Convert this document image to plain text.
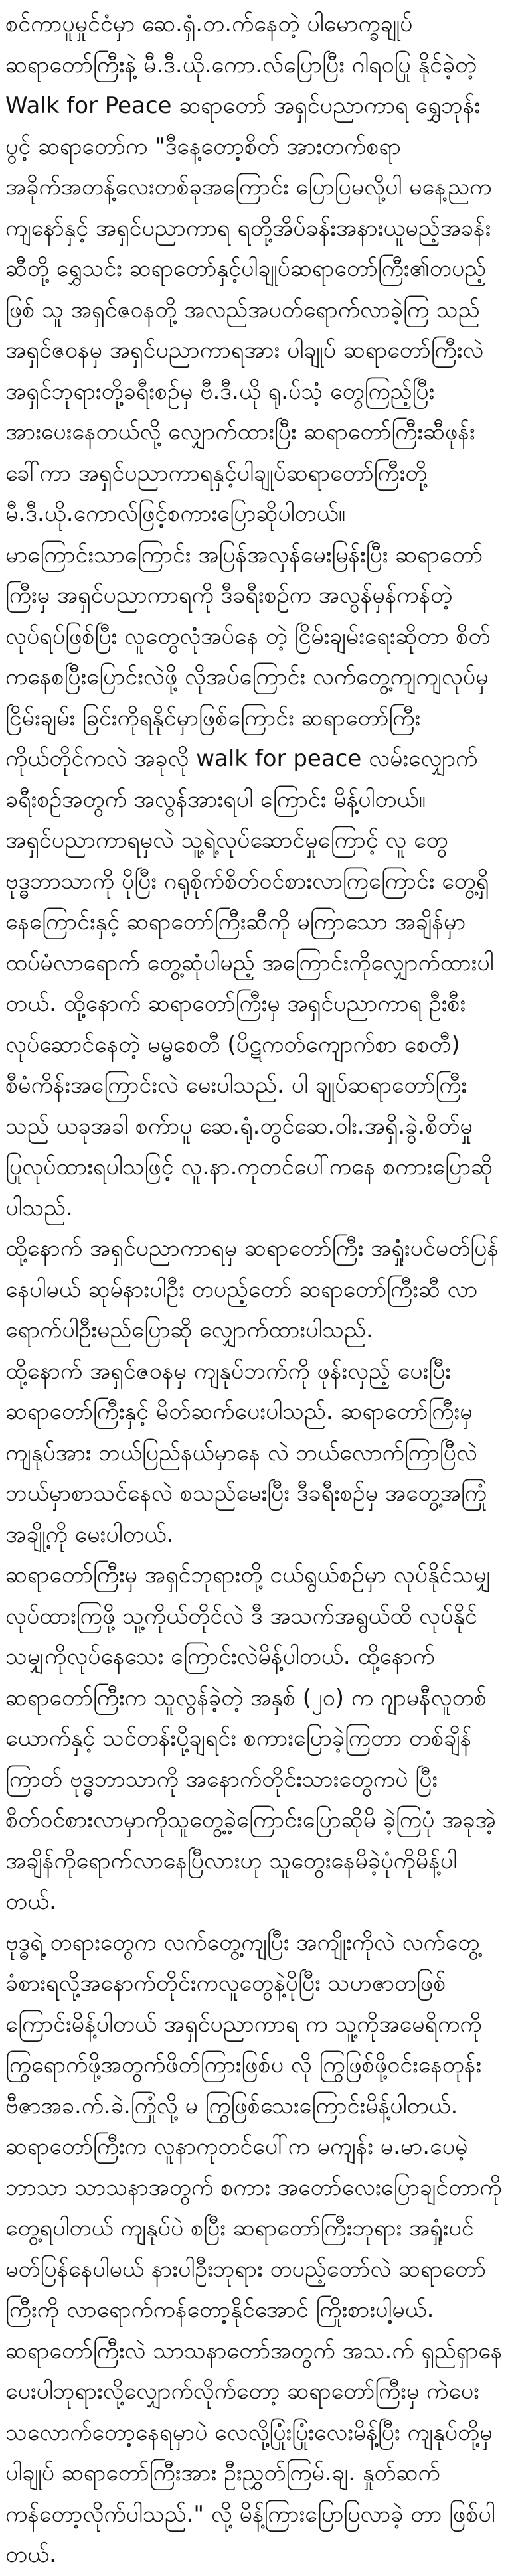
စင်ကာပူမှုင်ငံမှာ ဆေ.ရှံ.တ.က်နေတဲ့ ပါမောက္ခချုပ် ဆရာတော်ကြီးနဲ့ မီ.ဒီ.ယို.ကော.လ်ပြောပြီး ဂါရဝပြု နိုင်ခဲ့တဲ့ Walk for Peace ဆရာတော် အရှင်ပညာကာရ ရွှေဘုန်းပွင့် ဆရာတော်က "ဒီနေ့တော့စိတ် အားတက်စရာအခိုက်အတန့်လေးတစ်ခုအကြောင်း ပြောပြမလို့ပါ မနေ့ညက ကျနော်နှင့် အရှင်ပညာကာရ ရတို့အိပ်ခန်းအနားယူမည့်အခန်းဆီတို့ ရွှေသင်း ဆရာတော်နှင့်ပါချုပ်ဆရာတော်ကြီး၏တပည့်ဖြစ် သူ အရှင်ဇဝနတို့ အလည်အပတ်ရောက်လာခဲ့ကြ သည် အရှင်ဇဝနမှ အရှင်ပညာကာရအား ပါချုပ် ဆရာတော်ကြီးလဲ အရှင်ဘုရားတို့ခရီးစဉ်မှ ဗီ.ဒီ.ယို ရု.ပ်သံ့ တွေကြည့်ပြီး အားပေးနေတယ်လို့ လျှောက်ထားပြီး ဆရာတော်ကြီးဆီဖုန်းခေါ်ကာ အရှင်ပညာကာရနှင့်ပါချုပ်ဆရာတော်ကြီးတို့ မီ.ဒီ.ယို.ကောလ်ဖြင့်စကားပြောဆိုပါတယ်။

မာကြောင်းသာကြောင်း အပြန်အလှန်မေးမြန်းပြီး ဆရာတော်ကြီးမှ အရှင်ပညာကာရကို ဒီခရီးစဉ်က အလွန်မှန်ကန်တဲ့လုပ်ရပ်ဖြစ်ပြီး လူတွေလုံအပ်နေ တဲ့ ငြိမ်းချမ်းရေးဆိုတာ စိတ်ကနေစပြီးပြောင်းလဲဖို့ လိုအပ်ကြောင်း လက်တွေ့ကျကျလုပ်မှ ငြိမ်းချမ်း ခြင်းကိုရနိုင်မှာဖြစ်ကြောင်း ဆရာတော်ကြီး ကိုယ်တိုင်ကလဲ အခုလို walk for peace လမ်းလျှောက်ခရီးစဉ်အတွက် အလွန်အားရပါ ကြောင်း မိန့်ပါတယ်။

အရှင်ပညာကာရမှလဲ သူ့ရဲ့လုပ်ဆောင်မှုကြောင့် လူ တွေ ဗုဒ္ဓဘာသာကို ပိုပြီး ဂရုစိုက်စိတ်ဝင်စားလာကြကြောင်း တွေ့ရှိနေကြောင်းနှင့် ဆရာတော်ကြီးဆီကို မကြာသော အချိန်မှာ ထပ်မံလာရောက် တွေ့ဆုံပါမည့် အကြောင်းကိုလျှောက်ထားပါတယ်. ထို့နောက် ဆရာတော်ကြီးမှ အရှင်ပညာကာရ ဦးစီး လုပ်ဆောင်နေတဲ့ မမ္မစေတီ (ပိဋကတ်ကျောက်စာ စေတီ) စီမံကိန်းအကြောင်းလဲ မေးပါသည်. ပါ ချုပ်ဆရာတော်ကြီးသည် ယခုအခါ စက်ာပူ ဆေ.ရုံ.တွင်ဆေ.ဝါး.အရှိ.ခွဲ.စိတ်မှုပြုလုပ်ထားရပါသဖြင့် လူ.နာ.ကုတင်ပေါ်ကနေ စကားပြောဆိုပါသည်.

ထို့နောက် အရှင်ပညာကာရမှ ဆရာတော်ကြီး အရှုံးပင်မတ်ပြန်နေပါမယ် ဆုမ်နားပါဦး တပည့်တော် ဆရာတော်ကြီးဆီ လာရောက်ပါဦးမည်ပြောဆို လျှောက်ထားပါသည်.

ထို့နောက် အရှင်ဇဝနမှ ကျနုပ်ဘက်ကို ဖုန်းလှည့် ပေးပြီး ဆရာတော်ကြီးနှင့် မိတ်ဆက်ပေးပါသည်. ဆရာတော်ကြီးမှ ကျနုပ်အား ဘယ်ပြည်နယ်မှာနေ လဲ ဘယ်လောက်ကြာပြီလဲ ဘယ်မှာစာသင်နေလဲ စသည်မေးပြီး ဒီခရီးစဉ်မှ အတွေ့အကြုံအချို့ကို မေးပါတယ်.

ဆရာတော်ကြီးမှ အရှင်ဘုရားတို့ ငယ်ရွယ်စဉ်မှာ လုပ်နိုင်သမျှလုပ်ထားကြဖို့ သူ့ကိုယ်တိုင်လဲ ဒီ အသက်အရွယ်ထိ လုပ်နိုင်သမျှကိုလုပ်နေသေး ကြောင်းလဲမိန့်ပါတယ်. ထို့နောက်ဆရာတော်ကြီးက သူလွန်ခဲ့တဲ့ အနှစ် (၂၀) က ဂျာမနီလူတစ်ယောက်နှင့် သင်တန်းပို့ချရင်း စကားပြောခဲ့ကြတာ တစ်ချိန် ကြာတ် ဗုဒ္ဓဘာသာကို အနောက်တိုင်းသားတွေကပဲ ပြီးစိတ်ဝင်စားလာမှာကိုသူတွေ့ခဲ့ကြောင်းပြောဆိုမိ ခဲ့ကြပုံ အခုအဲ့အချိန်ကိုရောက်လာနေပြီလားဟု သူတွေးနေမိခဲ့ပုံကိုမိန့်ပါတယ်.

ဗုဒ္ဓရဲ့ တရားတွေက လက်တွေ့ကျပြီး အကျိုးကိုလဲ လက်တွေ့ခံစားရလို့အနောက်တိုင်းကလူတွေနဲ့ပိုပြီး သဟဇာတဖြစ်ကြောင်းမိန့်ပါတယ် အရှင်ပညာကာရ က သူ့ကိုအမေရိကကိုကြွရောက်ဖို့အတွက်ဖိတ်ကြားဖြစ်ပ လို ကြွဖြစ်ဖို့ဝင်းနေတုန်း ဗီဇာအခ.က်.ခဲ.ကြုံလို့ မ ကြွဖြစ်သေးကြောင်းမိန့်ပါတယ်.

ဆရာတော်ကြီးက လူနာကုတင်ပေါ်က မကျန်း မ.မာ.ပေမဲ့ ဘာသာ သာသနာအတွက် စကား အတော်လေးပြောချင်တာကိုတွေ့ရပါတယ် ကျနုပ်ပဲ စပြီး ဆရာတော်ကြီးဘုရား အရှုံးပင်မတ်ပြန်နေပါမယ် နားပါဦးဘုရား တပည့်တော်လဲ ဆရာတော်ကြီးကို လာရောက်ကန်တော့နိုင်အောင် ကြိုးစားပါ့မယ်.

ဆရာတော်ကြီးလဲ သာသနာတော်အတွက် အသ.က် ရှည်ရှာနေပေးပါဘုရားလို့လျှောက်လိုက်တော့ ဆရာတော်ကြီးမှ ကဲပေးသလောက်တော့နေရမှာပဲ လေလို့ပြုံးပြုံးလေးမိန့်ပြီး ကျနုပ်တို့မှ ပါချုပ် ဆရာတော်ကြီးအား ဦးညွှတ်ကြမ်.ချ. နှုတ်ဆက် ကန်တော့လိုက်ပါသည်." လို့ မိန့်ကြားပြောပြလာခဲ့ တာ ဖြစ်ပါတယ်.
